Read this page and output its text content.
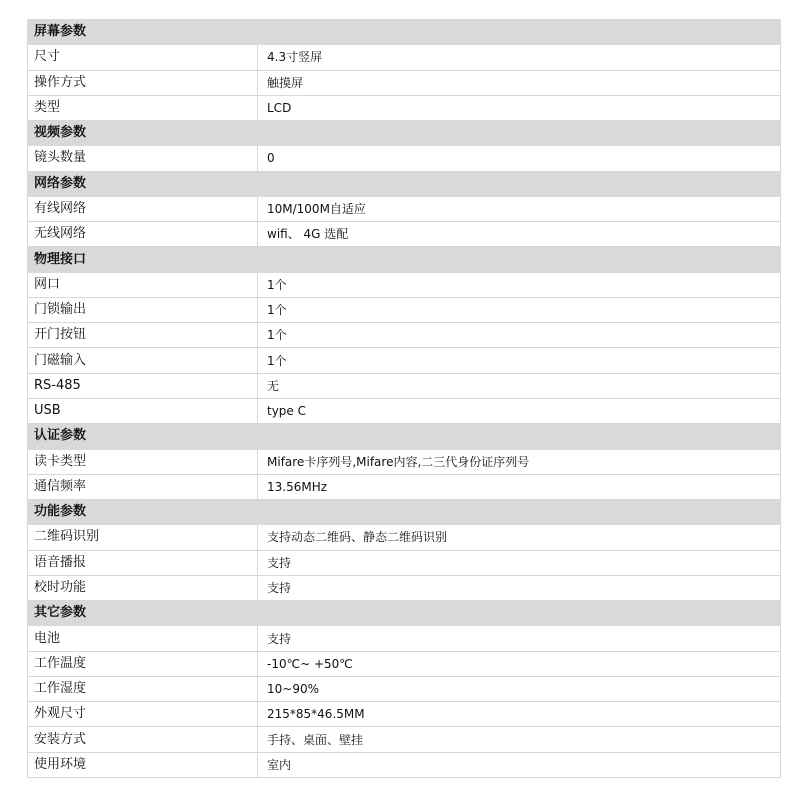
屏幕参数	
尺寸	4.3寸竖屏
操作方式	触摸屏
类型	LCD
视频参数	
镜头数量	0
网络参数	
有线网络	10M/100M自适应
无线网络	wifi、 4G 选配
物理接口	
网口	1个
门锁输出	1个
开门按钮	1个
门磁输入	1个
RS-485	无
USB	type C
认证参数	
读卡类型	Mifare卡序列号,Mifare内容,二三代身份证序列号
通信频率	13.56MHz
功能参数	
二维码识别	支持动态二维码、静态二维码识别
语音播报	支持
校时功能	支持
其它参数	
电池	支持
工作温度	-10℃~ +50℃
工作湿度	10~90%
外观尺寸	215*85*46.5MM
安装方式	手持、桌面、壁挂
使用环境	室内
